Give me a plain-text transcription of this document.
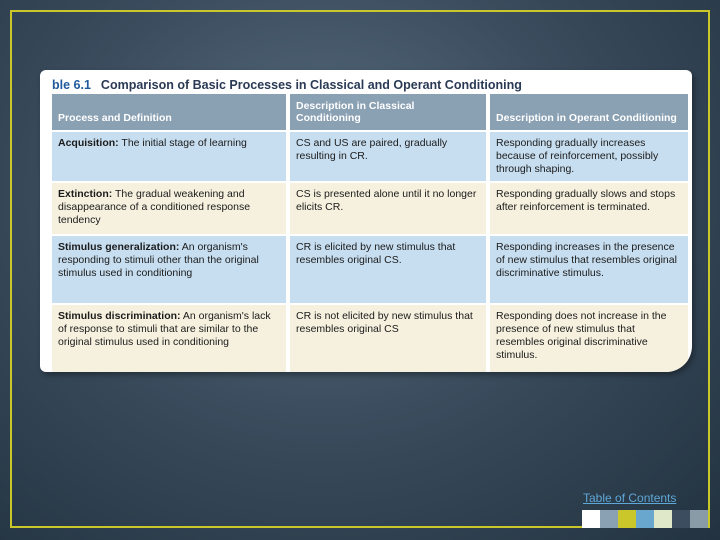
ble 6.1 Comparison of Basic Processes in Classical and Operant Conditioning
Process and Definition	Description in Classical Conditioning	Description in Operant Conditioning
Acquisition: The initial stage of learning	CS and US are paired, gradually resulting in CR.	Responding gradually increases because of reinforcement, possibly through shaping.
Extinction: The gradual weakening and disappearance of a conditioned response tendency	CS is presented alone until it no longer elicits CR.	Responding gradually slows and stops after reinforcement is terminated.
Stimulus generalization: An organism's responding to stimuli other than the original stimulus used in conditioning	CR is elicited by new stimulus that resembles original CS.	Responding increases in the presence of new stimulus that resembles original discriminative stimulus.
Stimulus discrimination: An organism's lack of response to stimuli that are similar to the original stimulus used in conditioning	CR is not elicited by new stimulus that resembles original CS	Responding does not increase in the presence of new stimulus that resembles original discriminative stimulus.
Table of Contents
